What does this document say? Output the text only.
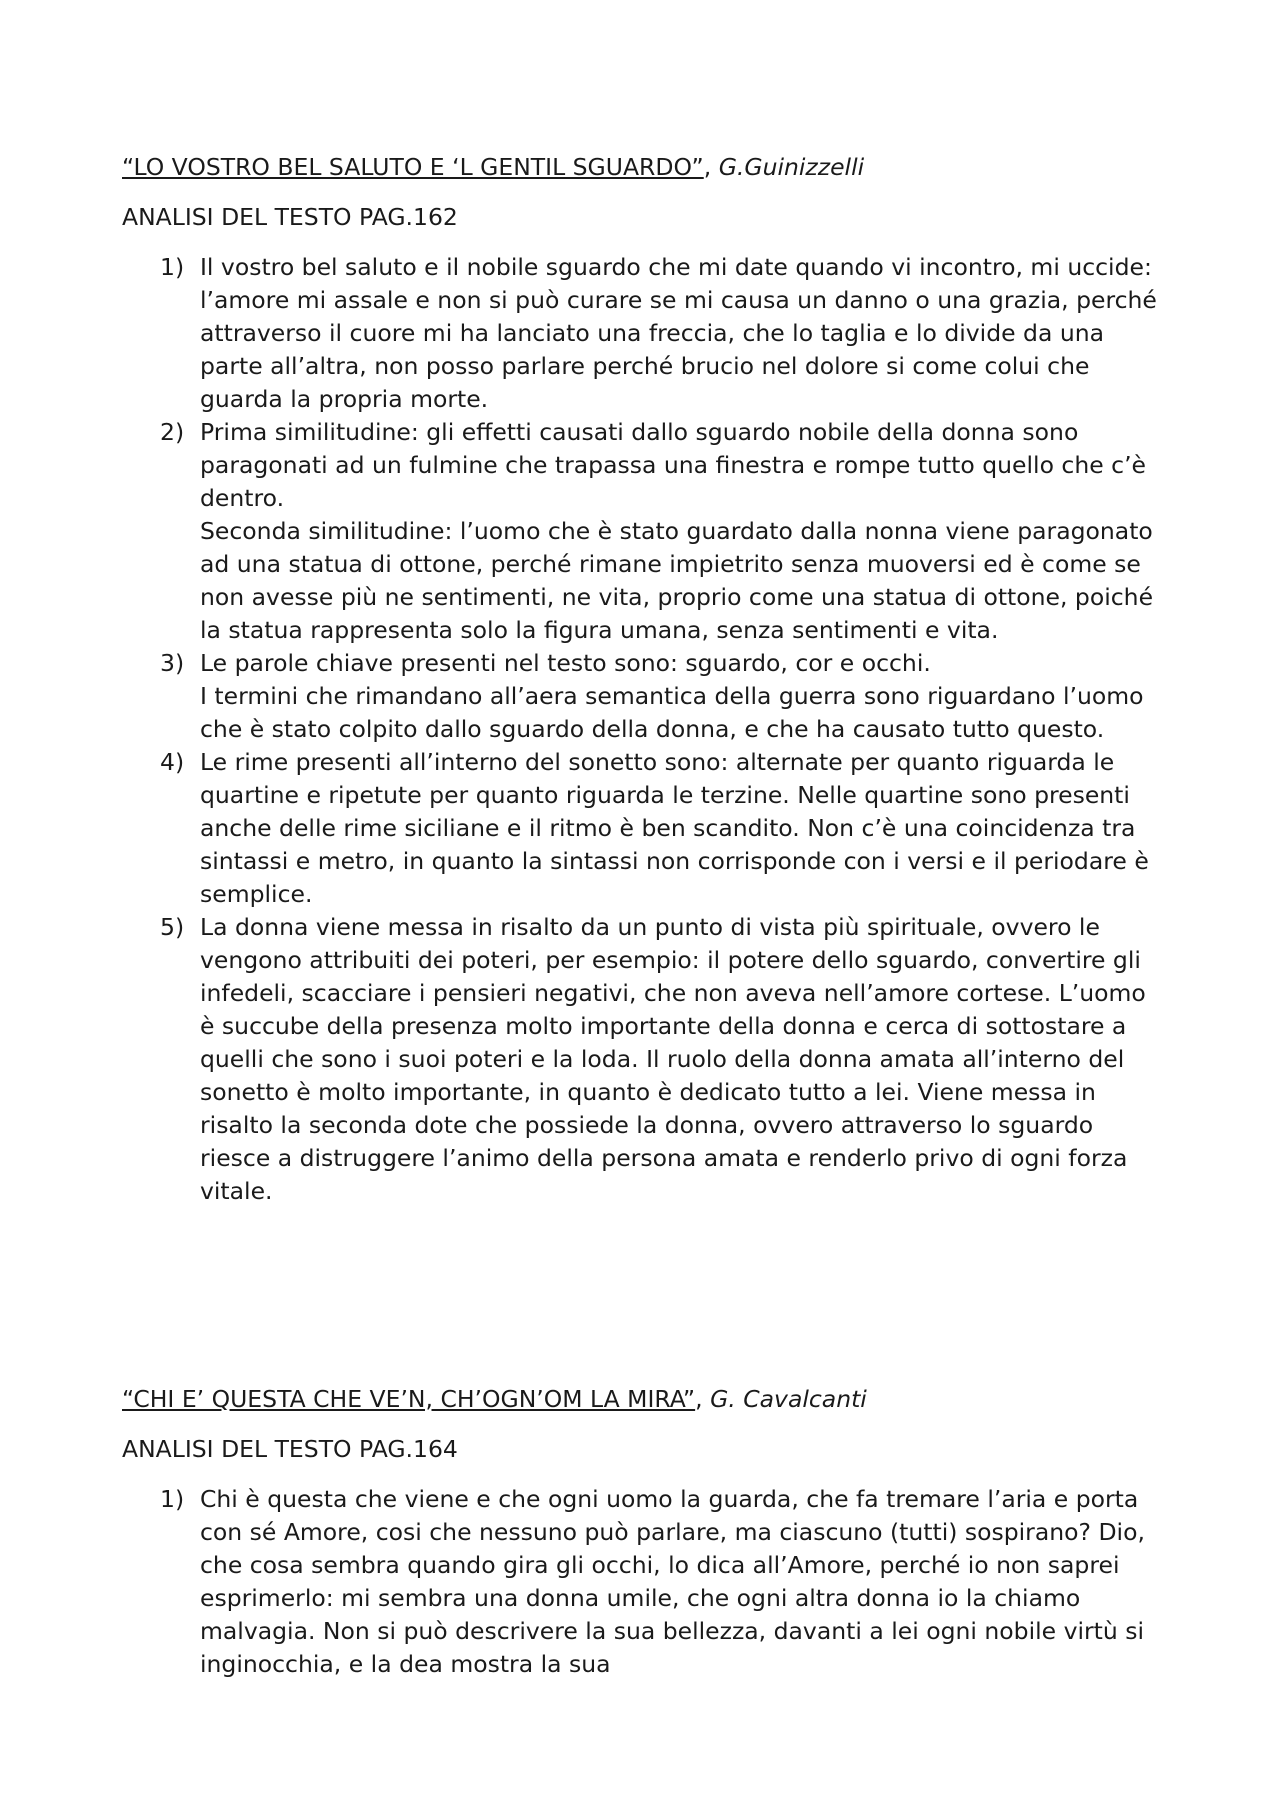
“LO VOSTRO BEL SALUTO E ‘L GENTIL SGUARDO”, G.Guinizzelli
ANALISI DEL TESTO PAG.162
1) Il vostro bel saluto e il nobile sguardo che mi date quando vi incontro, mi uccide: l’amore mi assale e non si può curare se mi causa un danno o una grazia, perché attraverso il cuore mi ha lanciato una freccia, che lo taglia e lo divide da una parte all’altra, non posso parlare perché brucio nel dolore si come colui che guarda la propria morte.

2) Prima similitudine: gli effetti causati dallo sguardo nobile della donna sono paragonati ad un fulmine che trapassa una finestra e rompe tutto quello che c’è dentro.

Seconda similitudine: l’uomo che è stato guardato dalla nonna viene paragonato ad una statua di ottone, perché rimane impietrito senza muoversi ed è come se non avesse più ne sentimenti, ne vita, proprio come una statua di ottone, poiché la statua rappresenta solo la figura umana, senza sentimenti e vita.

3) Le parole chiave presenti nel testo sono: sguardo, cor e occhi.

I termini che rimandano all’aera semantica della guerra sono riguardano l’uomo che è stato colpito dallo sguardo della donna, e che ha causato tutto questo.

4) Le rime presenti all’interno del sonetto sono: alternate per quanto riguarda le quartine e ripetute per quanto riguarda le terzine. Nelle quartine sono presenti anche delle rime siciliane e il ritmo è ben scandito. Non c’è una coincidenza tra sintassi e metro, in quanto la sintassi non corrisponde con i versi e il periodare è semplice.

5) La donna viene messa in risalto da un punto di vista più spirituale, ovvero le vengono attribuiti dei poteri, per esempio: il potere dello sguardo, convertire gli infedeli, scacciare i pensieri negativi, che non aveva nell’amore cortese. L’uomo è succube della presenza molto importante della donna e cerca di sottostare a quelli che sono i suoi poteri e la loda. Il ruolo della donna amata all’interno del sonetto è molto importante, in quanto è dedicato tutto a lei. Viene messa in risalto la seconda dote che possiede la donna, ovvero attraverso lo sguardo riesce a distruggere l’animo della persona amata e renderlo privo di ogni forza vitale.

“CHI E’ QUESTA CHE VE’N, CH’OGN’OM LA MIRA”, G. Cavalcanti
ANALISI DEL TESTO PAG.164
1) Chi è questa che viene e che ogni uomo la guarda, che fa tremare l’aria e porta con sé Amore, cosi che nessuno può parlare, ma ciascuno (tutti) sospirano? Dio, che cosa sembra quando gira gli occhi, lo dica all’Amore, perché io non saprei esprimerlo: mi sembra una donna umile, che ogni altra donna io la chiamo malvagia. Non si può descrivere la sua bellezza, davanti a lei ogni nobile virtù si inginocchia, e la dea mostra la sua
